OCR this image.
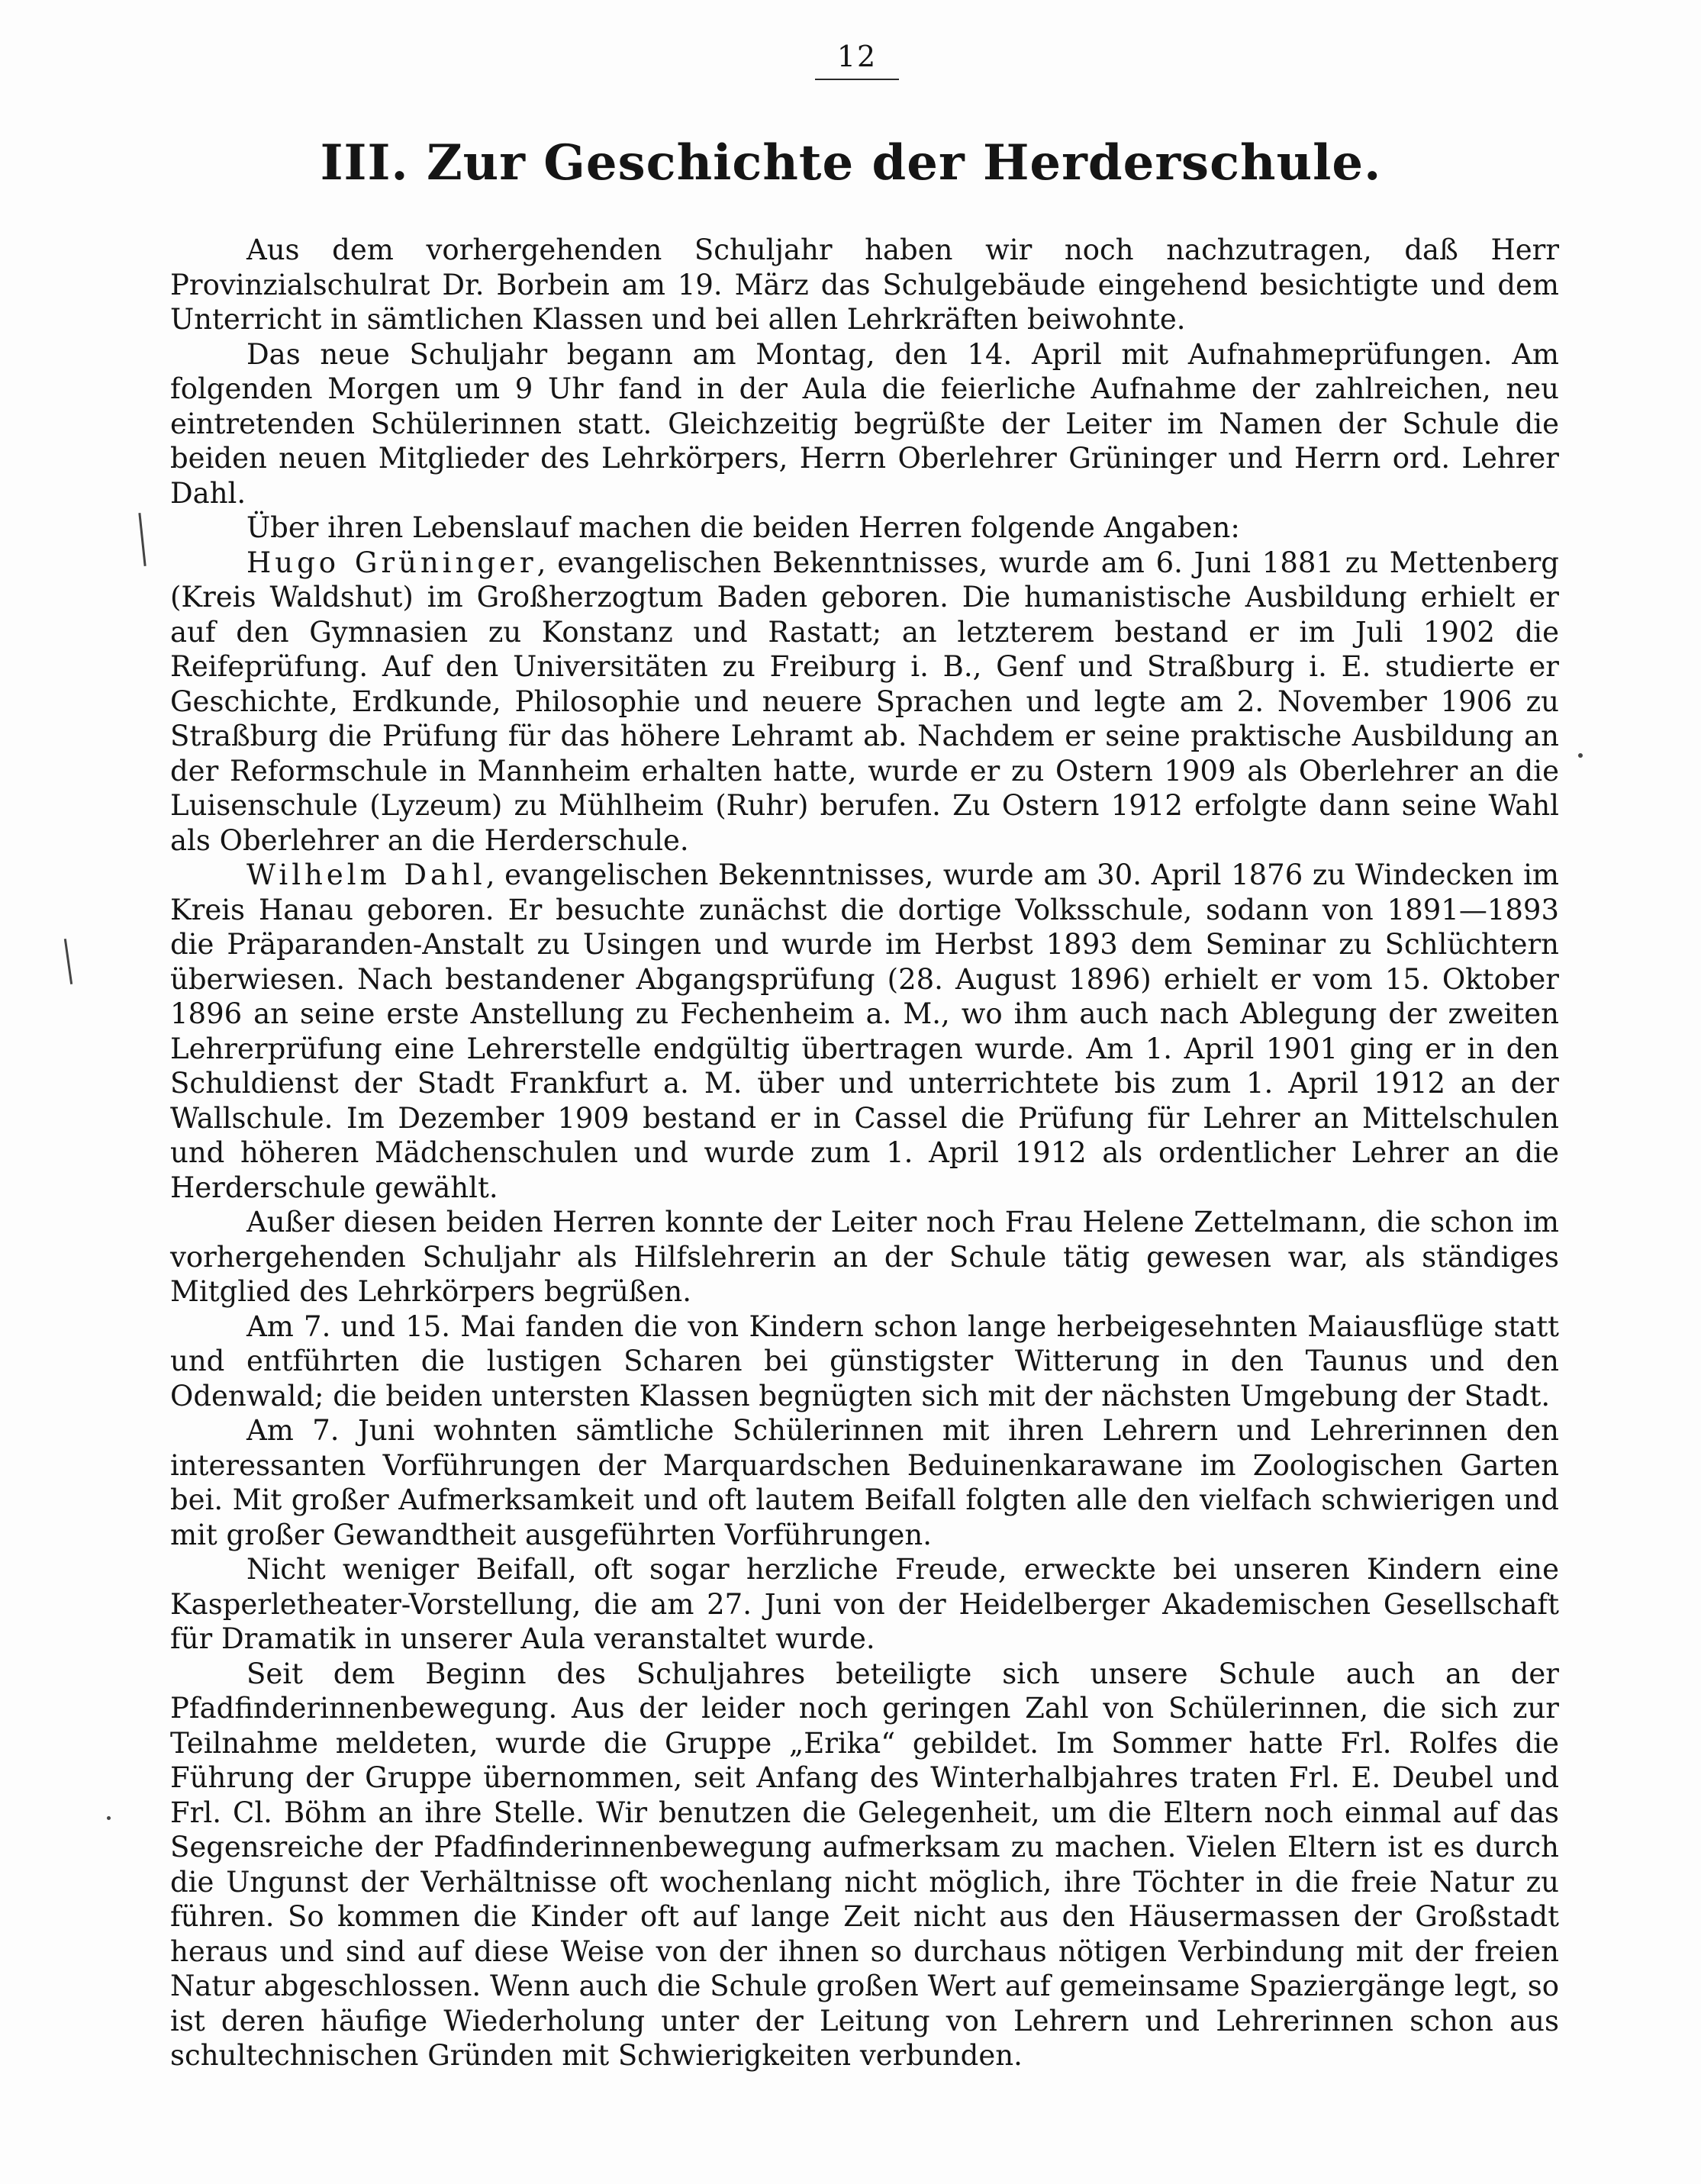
12
III. Zur Geschichte der Herderschule.

Aus dem vorhergehenden Schuljahr haben wir noch nachzutragen, daß Herr Provinzialschulrat Dr. Borbein am 19. März das Schulgebäude eingehend besichtigte und dem Unterricht in sämtlichen Klassen und bei allen Lehrkräften beiwohnte.

Das neue Schuljahr begann am Montag, den 14. April mit Aufnahmeprüfungen. Am folgenden Morgen um 9 Uhr fand in der Aula die feierliche Aufnahme der zahlreichen, neu eintretenden Schülerinnen statt. Gleichzeitig begrüßte der Leiter im Namen der Schule die beiden neuen Mitglieder des Lehrkörpers, Herrn Oberlehrer Grüninger und Herrn ord. Lehrer Dahl.

Über ihren Lebenslauf machen die beiden Herren folgende Angaben:

Hugo Grüninger, evangelischen Bekenntnisses, wurde am 6. Juni 1881 zu Mettenberg (Kreis Waldshut) im Großherzogtum Baden geboren. Die humanistische Ausbildung erhielt er auf den Gymnasien zu Konstanz und Rastatt; an letzterem bestand er im Juli 1902 die Reifeprüfung. Auf den Universitäten zu Freiburg i. B., Genf und Straßburg i. E. studierte er Geschichte, Erdkunde, Philosophie und neuere Sprachen und legte am 2. November 1906 zu Straßburg die Prüfung für das höhere Lehramt ab. Nachdem er seine praktische Ausbildung an der Reformschule in Mannheim erhalten hatte, wurde er zu Ostern 1909 als Oberlehrer an die Luisenschule (Lyzeum) zu Mühlheim (Ruhr) berufen. Zu Ostern 1912 erfolgte dann seine Wahl als Oberlehrer an die Herderschule.

Wilhelm Dahl, evangelischen Bekenntnisses, wurde am 30. April 1876 zu Windecken im Kreis Hanau geboren. Er besuchte zunächst die dortige Volksschule, sodann von 1891—1893 die Präparanden-Anstalt zu Usingen und wurde im Herbst 1893 dem Seminar zu Schlüchtern überwiesen. Nach bestandener Abgangsprüfung (28. August 1896) erhielt er vom 15. Oktober 1896 an seine erste Anstellung zu Fechenheim a. M., wo ihm auch nach Ablegung der zweiten Lehrerprüfung eine Lehrerstelle endgültig übertragen wurde. Am 1. April 1901 ging er in den Schuldienst der Stadt Frankfurt a. M. über und unterrichtete bis zum 1. April 1912 an der Wallschule. Im Dezember 1909 bestand er in Cassel die Prüfung für Lehrer an Mittelschulen und höheren Mädchenschulen und wurde zum 1. April 1912 als ordentlicher Lehrer an die Herderschule gewählt.

Außer diesen beiden Herren konnte der Leiter noch Frau Helene Zettelmann, die schon im vorhergehenden Schuljahr als Hilfslehrerin an der Schule tätig gewesen war, als ständiges Mitglied des Lehrkörpers begrüßen.

Am 7. und 15. Mai fanden die von Kindern schon lange herbeigesehnten Maiausflüge statt und entführten die lustigen Scharen bei günstigster Witterung in den Taunus und den Odenwald; die beiden untersten Klassen begnügten sich mit der nächsten Umgebung der Stadt.

Am 7. Juni wohnten sämtliche Schülerinnen mit ihren Lehrern und Lehrerinnen den interessanten Vorführungen der Marquardschen Beduinenkarawane im Zoologischen Garten bei. Mit großer Aufmerksamkeit und oft lautem Beifall folgten alle den vielfach schwierigen und mit großer Gewandtheit ausgeführten Vorführungen.

Nicht weniger Beifall, oft sogar herzliche Freude, erweckte bei unseren Kindern eine Kasperletheater-Vorstellung, die am 27. Juni von der Heidelberger Akademischen Gesellschaft für Dramatik in unserer Aula veranstaltet wurde.

Seit dem Beginn des Schuljahres beteiligte sich unsere Schule auch an der Pfadfinderinnenbewegung. Aus der leider noch geringen Zahl von Schülerinnen, die sich zur Teilnahme meldeten, wurde die Gruppe „Erika“ gebildet. Im Sommer hatte Frl. Rolfes die Führung der Gruppe übernommen, seit Anfang des Winterhalbjahres traten Frl. E. Deubel und Frl. Cl. Böhm an ihre Stelle. Wir benutzen die Gelegenheit, um die Eltern noch einmal auf das Segensreiche der Pfadfinderinnenbewegung aufmerksam zu machen. Vielen Eltern ist es durch die Ungunst der Verhältnisse oft wochenlang nicht möglich, ihre Töchter in die freie Natur zu führen. So kommen die Kinder oft auf lange Zeit nicht aus den Häusermassen der Großstadt heraus und sind auf diese Weise von der ihnen so durchaus nötigen Verbindung mit der freien Natur abgeschlossen. Wenn auch die Schule großen Wert auf gemeinsame Spaziergänge legt, so ist deren häufige Wiederholung unter der Leitung von Lehrern und Lehrerinnen schon aus schultechnischen Gründen mit Schwierigkeiten verbunden.
